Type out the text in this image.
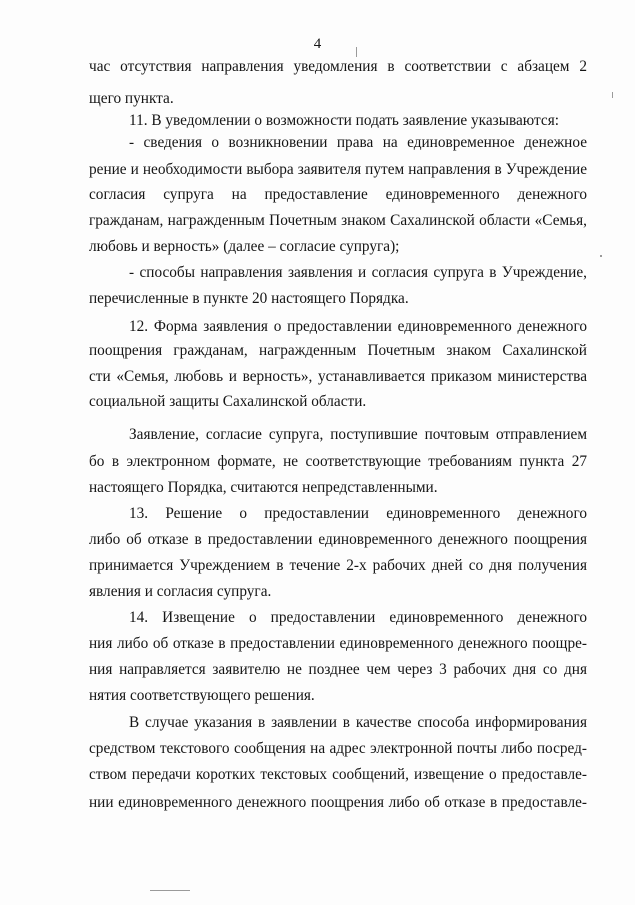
4
час отсутствия направления уведомления в соответствии с абзацем 2
щего пункта.
11. В уведомлении о возможности подать заявление указываются:
- сведения о возникновении права на единовременное денежное
рение и необходимости выбора заявителя путем направления в Учреждение
согласия супруга на предоставление единовременного денежного
гражданам, награжденным Почетным знаком Сахалинской области «Семья,
любовь и верность» (далее – согласие супруга);
- способы направления заявления и согласия супруга в Учреждение,
перечисленные в пункте 20 настоящего Порядка.
12. Форма заявления о предоставлении единовременного денежного
поощрения гражданам, награжденным Почетным знаком Сахалинской
сти «Семья, любовь и верность», устанавливается приказом министерства
социальной защиты Сахалинской области.
Заявление, согласие супруга, поступившие почтовым отправлением
бо в электронном формате, не соответствующие требованиям пункта 27
настоящего Порядка, считаются непредставленными.
13. Решение о предоставлении единовременного денежного
либо об отказе в предоставлении единовременного денежного поощрения
принимается Учреждением в течение 2-х рабочих дней со дня получения
явления и согласия супруга.
14. Извещение о предоставлении единовременного денежного
ния либо об отказе в предоставлении единовременного денежного поощре-
ния направляется заявителю не позднее чем через 3 рабочих дня со дня
нятия соответствующего решения.
В случае указания в заявлении в качестве способа информирования
средством текстового сообщения на адрес электронной почты либо посред-
ством передачи коротких текстовых сообщений, извещение о предоставле-
нии единовременного денежного поощрения либо об отказе в предоставле-
